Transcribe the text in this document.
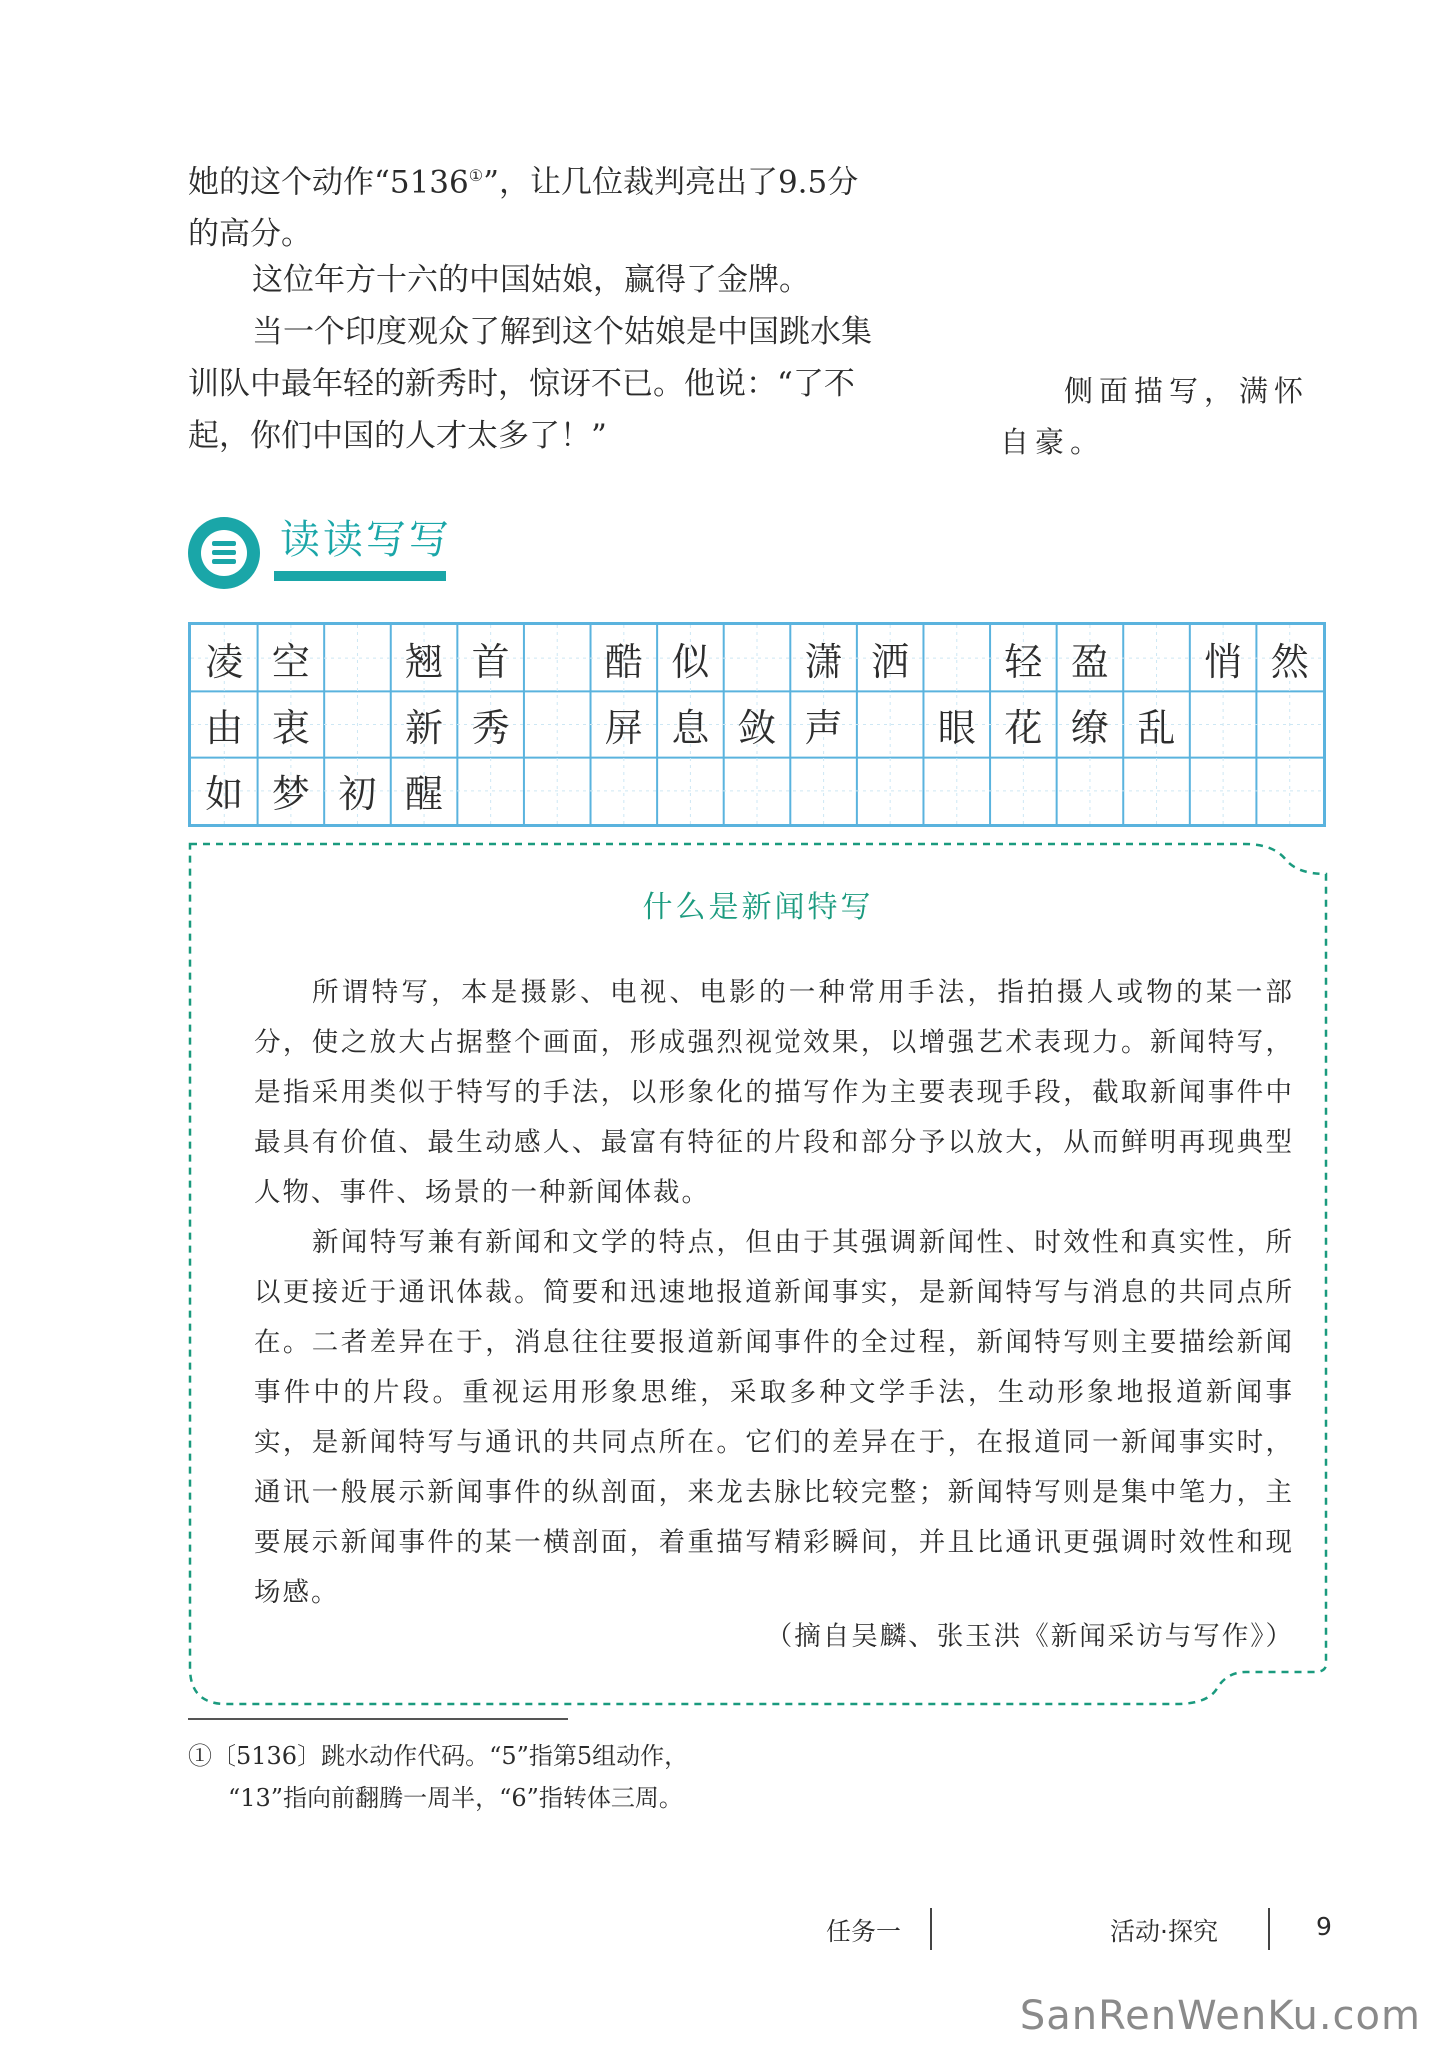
她的这个动作“5136①”，让几位裁判亮出了9.5分
的高分。
这位年方十六的中国姑娘，赢得了金牌。
当一个印度观众了解到这个姑娘是中国跳水集
训队中最年轻的新秀时，惊讶不已。他说：“了不
起，你们中国的人才太多了！”
侧面描写，满怀自豪。
读读写写
凌 空	翘 首	酷 似	潇 洒	轻 盈	悄 然
由 衷	新 秀	屏 息 敛 声	眼 花 缭 乱
如 梦 初 醒
什么是新闻特写

所谓特写，本是摄影、电视、电影的一种常用手法，指拍摄人或物的某一部分，使之放大占据整个画面，形成强烈视觉效果，以增强艺术表现力。新闻特写，是指采用类似于特写的手法，以形象化的描写作为主要表现手段，截取新闻事件中最具有价值、最生动感人、最富有特征的片段和部分予以放大，从而鲜明再现典型人物、事件、场景的一种新闻体裁。

新闻特写兼有新闻和文学的特点，但由于其强调新闻性、时效性和真实性，所以更接近于通讯体裁。简要和迅速地报道新闻事实，是新闻特写与消息的共同点所在。二者差异在于，消息往往要报道新闻事件的全过程，新闻特写则主要描绘新闻事件中的片段。重视运用形象思维，采取多种文学手法，生动形象地报道新闻事实，是新闻特写与通讯的共同点所在。它们的差异在于，在报道同一新闻事实时，通讯一般展示新闻事件的纵剖面，来龙去脉比较完整；新闻特写则是集中笔力，主要展示新闻事件的某一横剖面，着重描写精彩瞬间，并且比通讯更强调时效性和现场感。

（摘自吴麟、张玉洪《新闻采访与写作》）
①〔5136〕跳水动作代码。“5”指第5组动作，
“13”指向前翻腾一周半，“6”指转体三周。
任务一	活动·探究	9
SanRenWenKu.com
